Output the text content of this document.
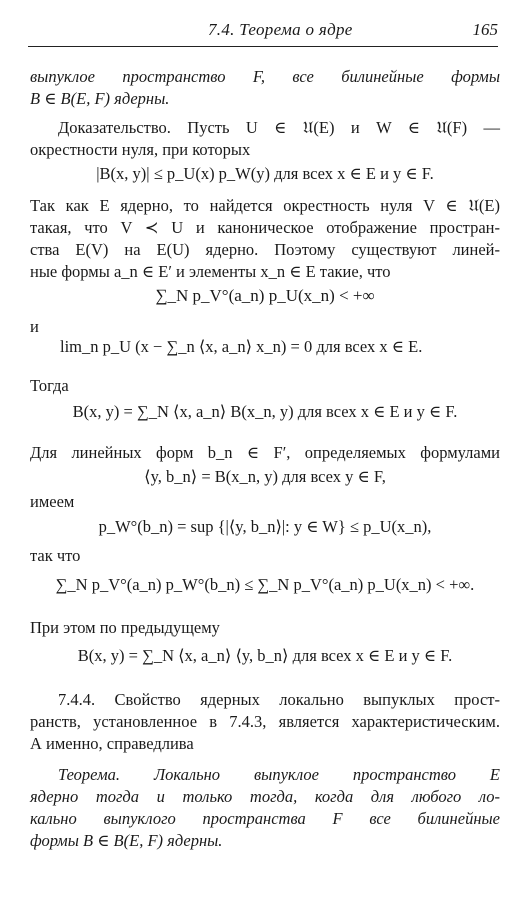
7.4. Теорема о ядре	165
выпуклое пространство F, все билинейные формы
B ∈ B(E, F) ядерны.
Доказательство. Пусть U ∈ 𝔘(E) и W ∈ 𝔘(F) —
окрестности нуля, при которых
|B(x, y)| ≤ p_U(x) p_W(y) для всех x ∈ E и y ∈ F.
Так как E ядерно, то найдется окрестность нуля V ∈ 𝔘(E)
такая, что V ≺ U и каноническое отображение простран-
ства E(V) на E(U) ядерно. Поэтому существуют линей-
ные формы a_n ∈ E′ и элементы x_n ∈ E такие, что
∑_N p_V°(a_n) p_U(x_n) < +∞
и
lim_n p_U (x − ∑_n ⟨x, a_n⟩ x_n) = 0 для всех x ∈ E.
Тогда
B(x, y) = ∑_N ⟨x, a_n⟩ B(x_n, y) для всех x ∈ E и y ∈ F.
Для линейных форм b_n ∈ F′, определяемых формулами
⟨y, b_n⟩ = B(x_n, y) для всех y ∈ F,
имеем
p_W°(b_n) = sup {|⟨y, b_n⟩|: y ∈ W} ≤ p_U(x_n),
так что
∑_N p_V°(a_n) p_W°(b_n) ≤ ∑_N p_V°(a_n) p_U(x_n) < +∞.
При этом по предыдущему
B(x, y) = ∑_N ⟨x, a_n⟩ ⟨y, b_n⟩ для всех x ∈ E и y ∈ F.
7.4.4. Свойство ядерных локально выпуклых прост-
ранств, установленное в 7.4.3, является характеристическим.
А именно, справедлива
Теорема. Локально выпуклое пространство E
ядерно тогда и только тогда, когда для любого ло-
кально выпуклого пространства F все билинейные
формы B ∈ B(E, F) ядерны.
